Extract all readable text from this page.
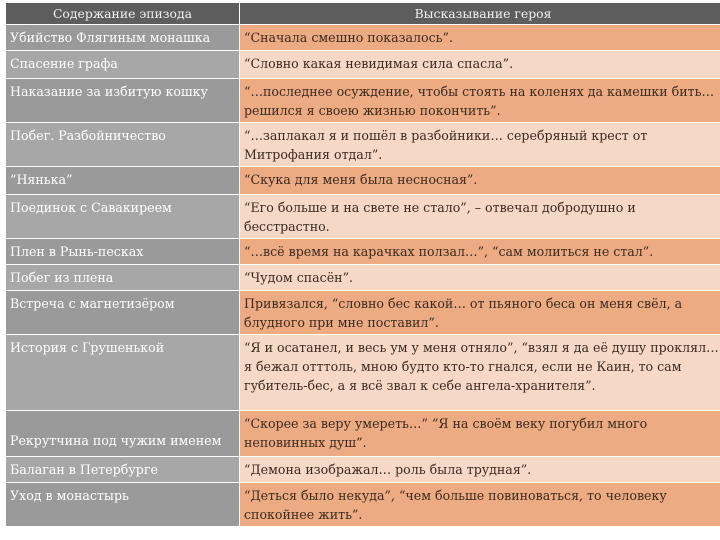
Содержание эпизода	Высказывание героя
Убийство Флягиным монашка	“Сначала смешно показалось”.
Спасение графа	“Словно какая невидимая сила спасла”.
Наказание за избитую кошку	“…последнее осуждение, чтобы стоять на коленях да камешки бить… решился я своею жизнью покончить”.
Побег. Разбойничество	“…заплакал я и пошёл в разбойники… серебряный крест от Митрофания отдал”.
“Нянька”	“Скука для меня была несносная”.
Поединок с Савакиреем	“Его больше и на свете не стало”, – отвечал добродушно и бесстрастно.
Плен в Рынь-песках	“…всё время на карачках ползал…”, “сам молиться не стал”.
Побег из плена	“Чудом спасён”.
Встреча с магнетизёром	Привязался, “словно бес какой… от пьяного беса он меня свёл, а блудного при мне поставил”.
История с Грушенькой	“Я и осатанел, и весь ум у меня отняло”, “взял я да её душу проклял… я бежал отттоль, мною будто кто-то гнался, если не Каин, то сам губитель-бес, а я всё звал к себе ангела-хранителя”.
Рекрутчина под чужим именем	“Скорее за веру умереть…” “Я на своём веку погубил много неповинных душ”.
Балаган в Петербурге	“Демона изображал… роль была трудная”.
Уход в монастырь	“Деться было некуда”, “чем больше повиноваться, то человеку спокойнее жить”.
